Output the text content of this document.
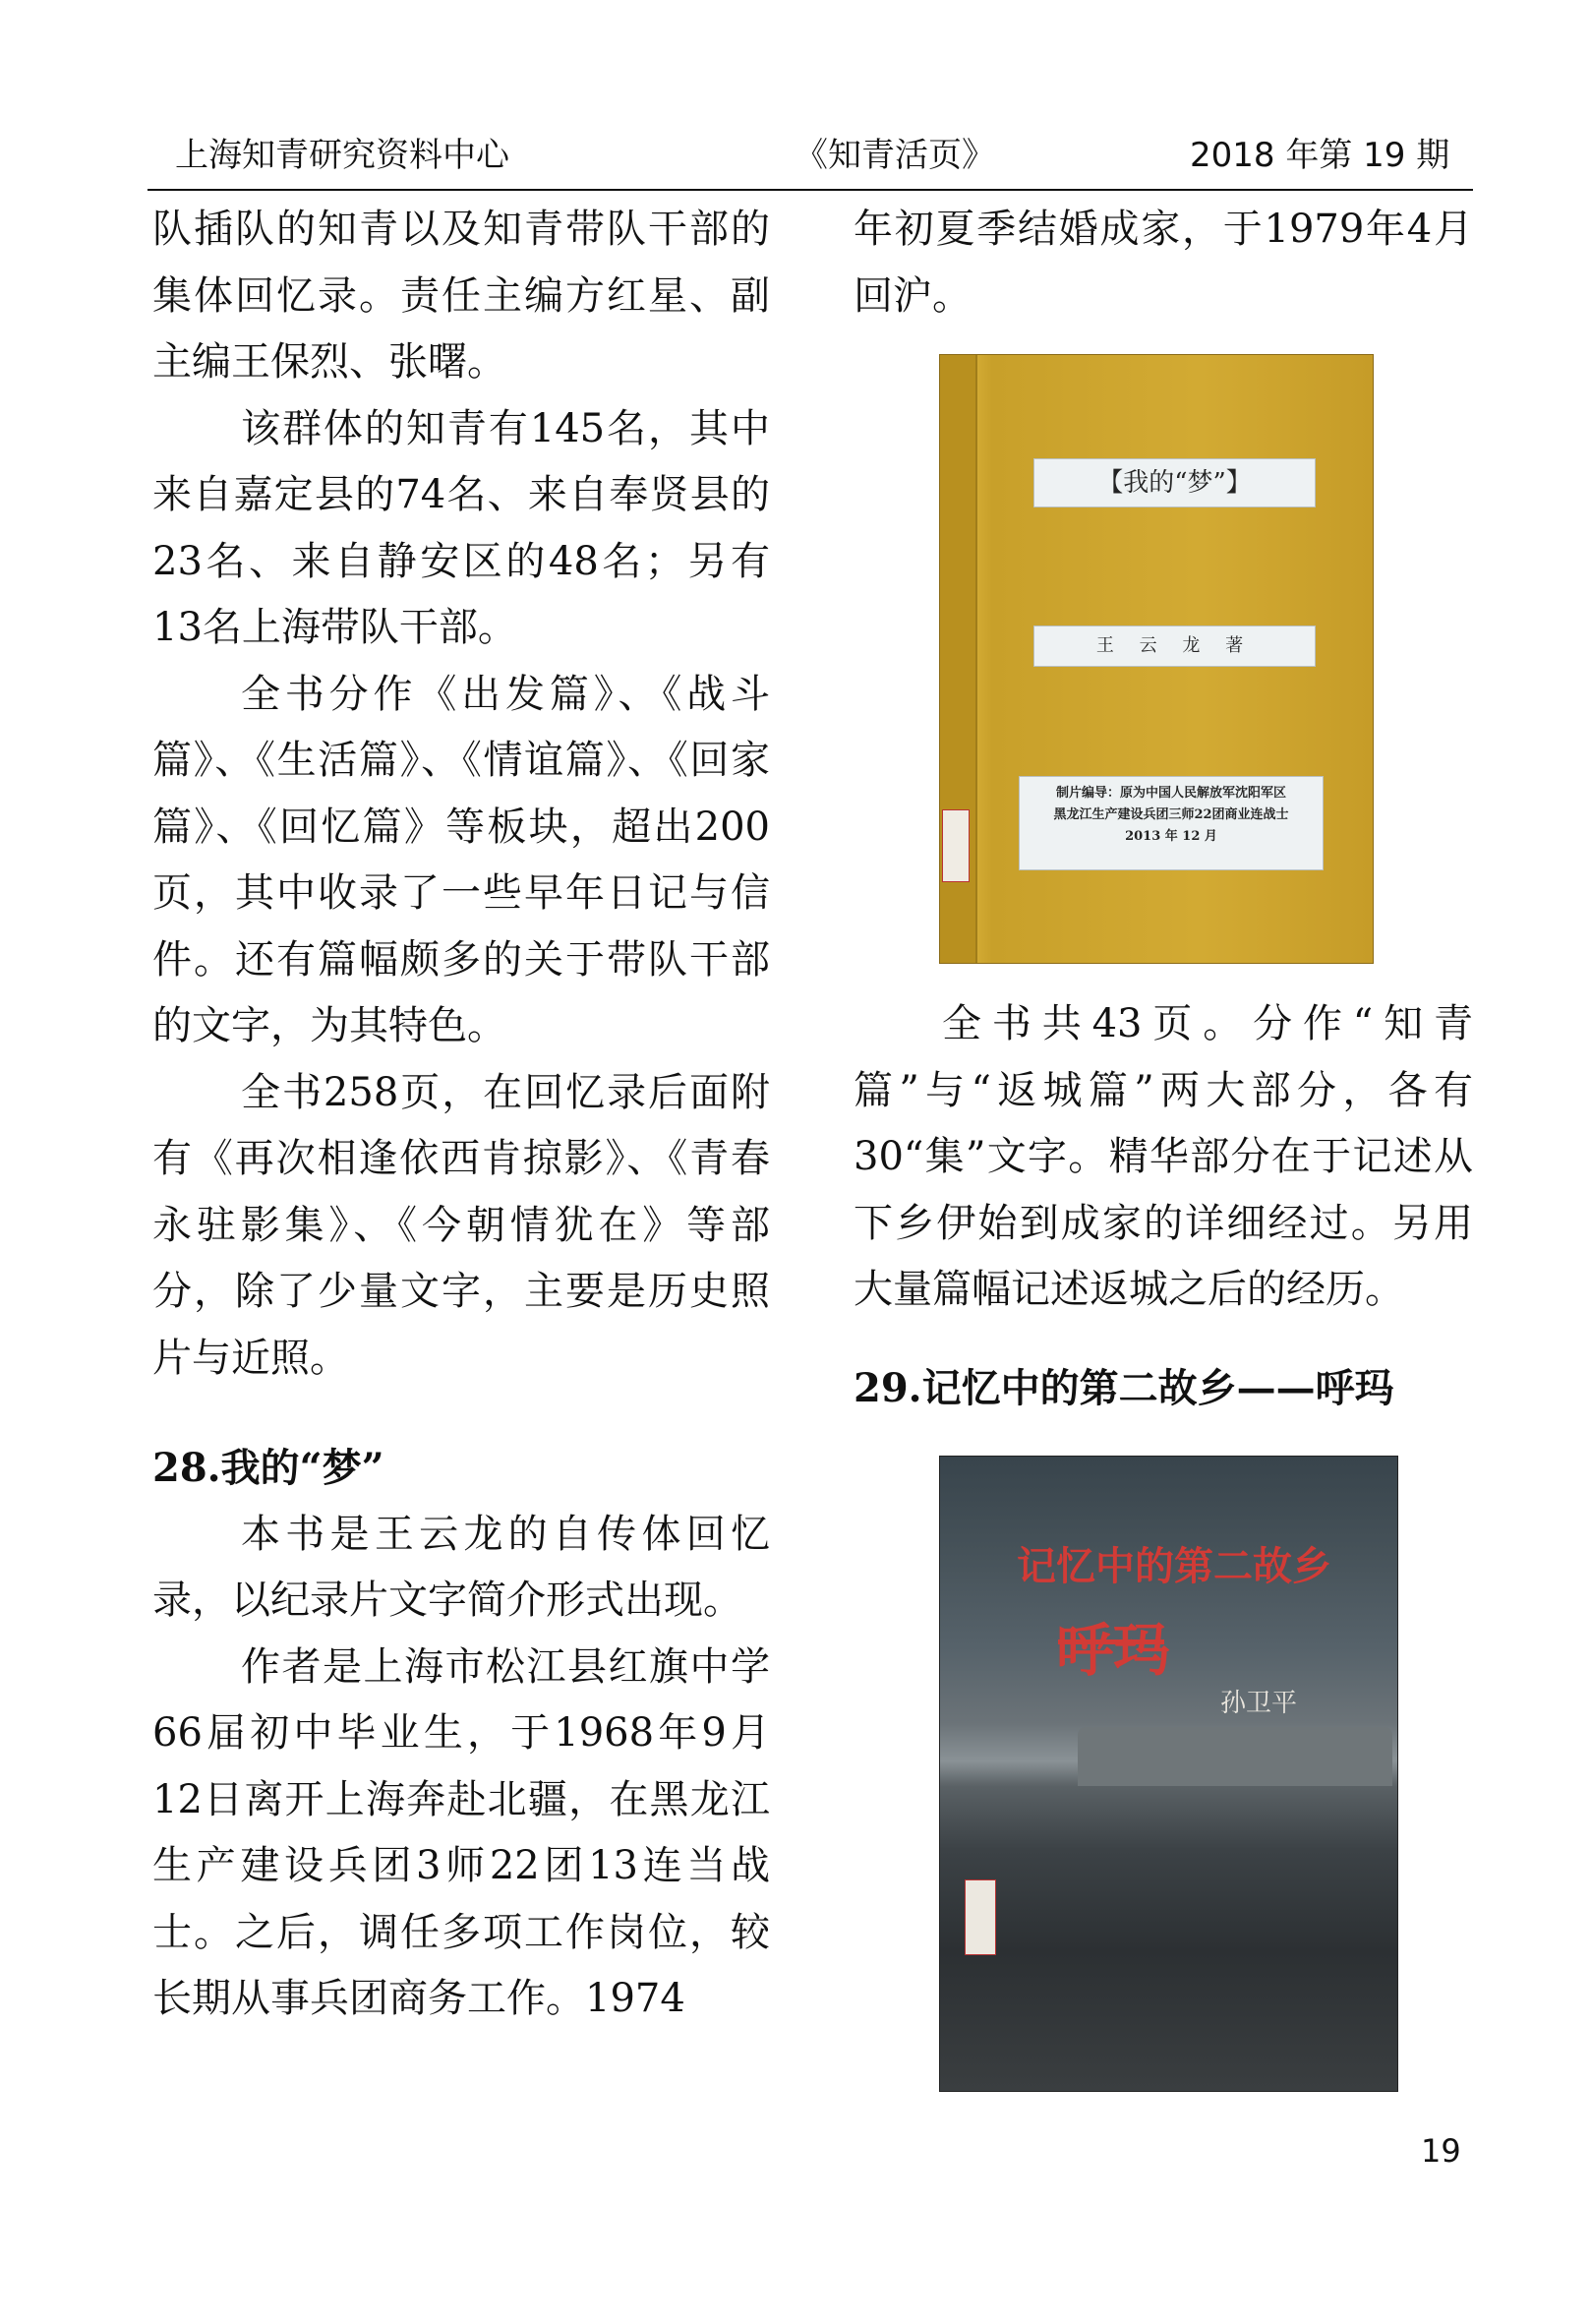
上海知青研究资料中心	《知青活页》	2018 年第 19 期

队插队的知青以及知青带队干部的集体回忆录。责任主编方红星、副主编王保烈、张曙。

该群体的知青有145名，其中来自嘉定县的74名、来自奉贤县的23名、来自静安区的48名；另有13名上海带队干部。

全书分作《出发篇》、《战斗篇》、《生活篇》、《情谊篇》、《回家篇》、《回忆篇》等板块，超出200页，其中收录了一些早年日记与信件。还有篇幅颇多的关于带队干部的文字，为其特色。

全书258页，在回忆录后面附有《再次相逢依西肯掠影》、《青春永驻影集》、《今朝情犹在》等部分，除了少量文字，主要是历史照片与近照。

28.我的“梦”

本书是王云龙的自传体回忆录，以纪录片文字简介形式出现。

作者是上海市松江县红旗中学66届初中毕业生，于1968年9月12日离开上海奔赴北疆，在黑龙江生产建设兵团3师22团13连当战士。之后，调任多项工作岗位，较长期从事兵团商务工作。1974

年初夏季结婚成家，于1979年4月回沪。

【我的“梦”】
王 云 龙 著
制片编导：原为中国人民解放军沈阳军区
黑龙江生产建设兵团三师22团商业连战士
2013 年 12 月

全书共43页。分作“知青篇”与“返城篇”两大部分，各有30“集”文字。精华部分在于记述从下乡伊始到成家的详细经过。另用大量篇幅记述返城之后的经历。

29.记忆中的第二故乡——呼玛

记忆中的第二故乡
呼玛
孙卫平
19
